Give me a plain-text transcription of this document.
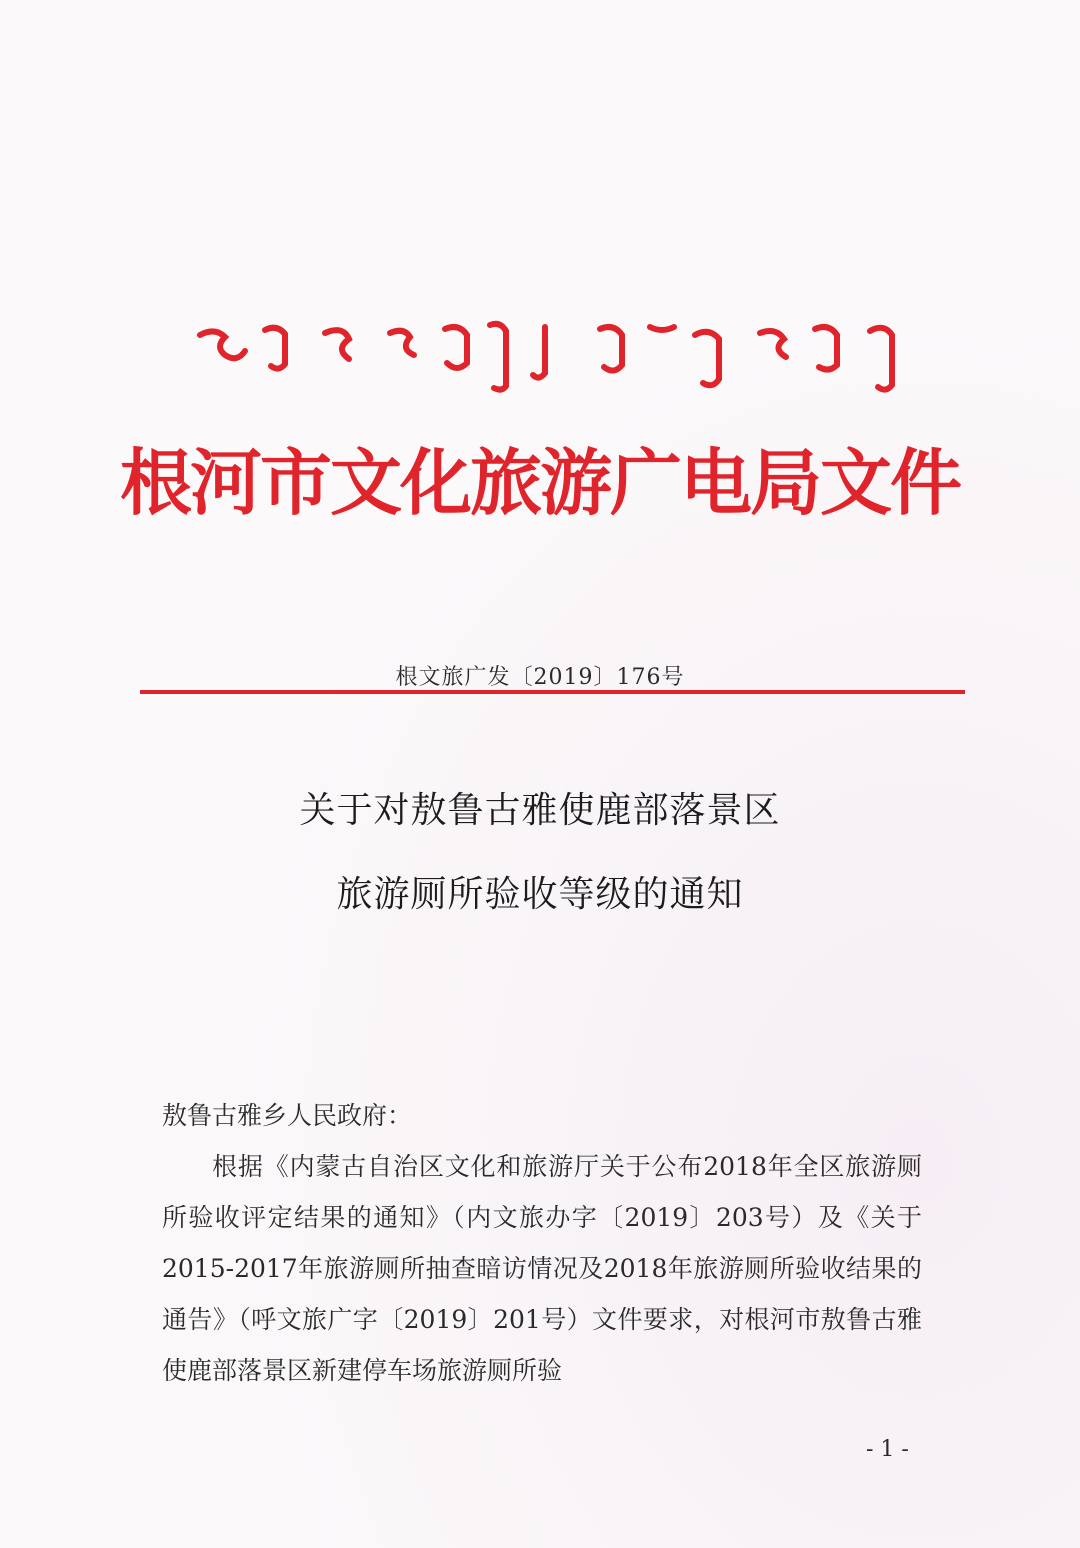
根河市文化旅游广电局文件
根文旅广发〔2019〕176号
关于对敖鲁古雅使鹿部落景区
旅游厕所验收等级的通知

敖鲁古雅乡人民政府：

根据《内蒙古自治区文化和旅游厅关于公布2018年全区旅游厕所验收评定结果的通知》（内文旅办字〔2019〕203号）及《关于2015-2017年旅游厕所抽查暗访情况及2018年旅游厕所验收结果的通告》（呼文旅广字〔2019〕201号）文件要求，对根河市敖鲁古雅使鹿部落景区新建停车场旅游厕所验

- 1 -
